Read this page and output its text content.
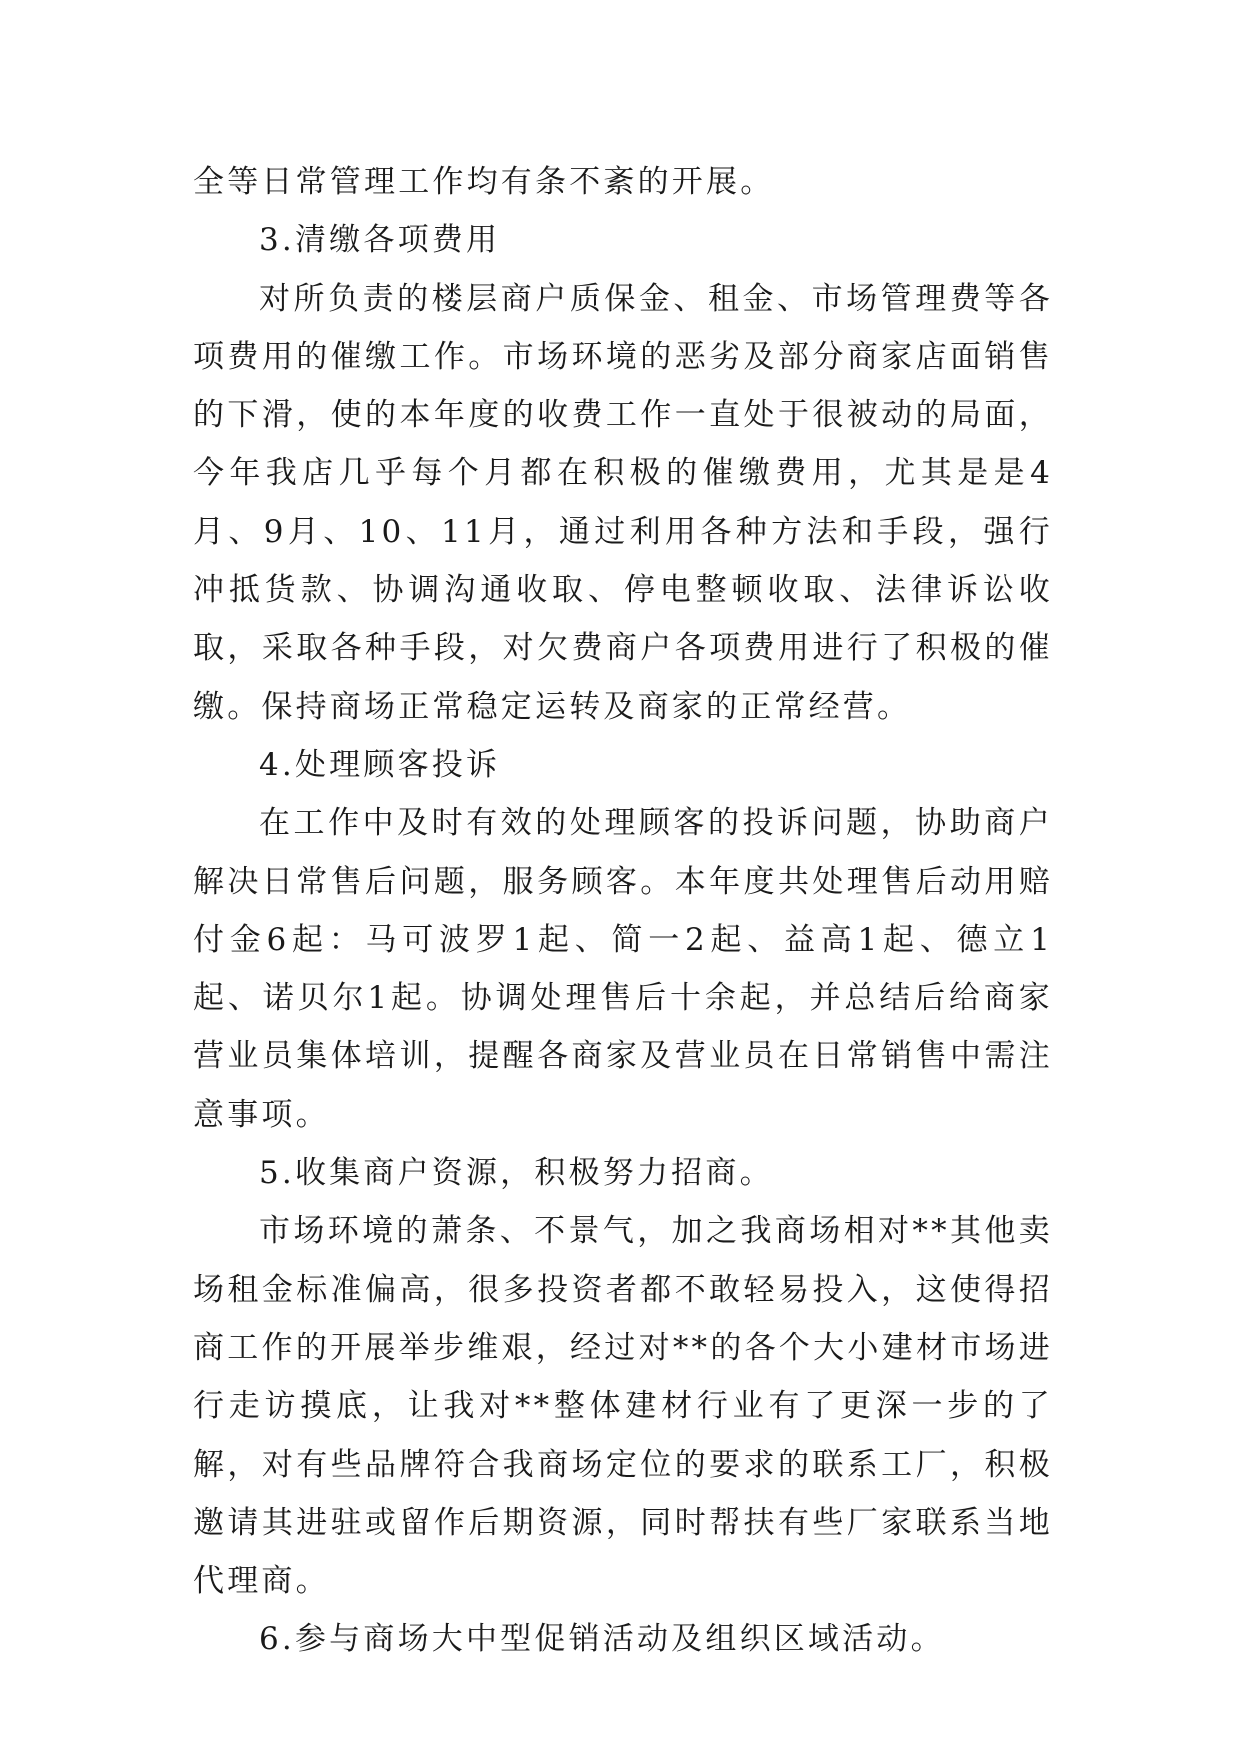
全等日常管理工作均有条不紊的开展。

3.清缴各项费用

对所负责的楼层商户质保金、租金、市场管理费等各项费用的催缴工作。市场环境的恶劣及部分商家店面销售的下滑，使的本年度的收费工作一直处于很被动的局面，今年我店几乎每个月都在积极的催缴费用，尤其是是4月、9月、10、11月，通过利用各种方法和手段，强行冲抵货款、协调沟通收取、停电整顿收取、法律诉讼收取，采取各种手段，对欠费商户各项费用进行了积极的催缴。保持商场正常稳定运转及商家的正常经营。

4.处理顾客投诉

在工作中及时有效的处理顾客的投诉问题，协助商户解决日常售后问题，服务顾客。本年度共处理售后动用赔付金6起：马可波罗1起、简一2起、益高1起、德立1起、诺贝尔1起。协调处理售后十余起，并总结后给商家营业员集体培训，提醒各商家及营业员在日常销售中需注意事项。

5.收集商户资源，积极努力招商。

市场环境的萧条、不景气，加之我商场相对**其他卖场租金标准偏高，很多投资者都不敢轻易投入，这使得招商工作的开展举步维艰，经过对**的各个大小建材市场进行走访摸底，让我对**整体建材行业有了更深一步的了解，对有些品牌符合我商场定位的要求的联系工厂，积极邀请其进驻或留作后期资源，同时帮扶有些厂家联系当地代理商。

6.参与商场大中型促销活动及组织区域活动。
